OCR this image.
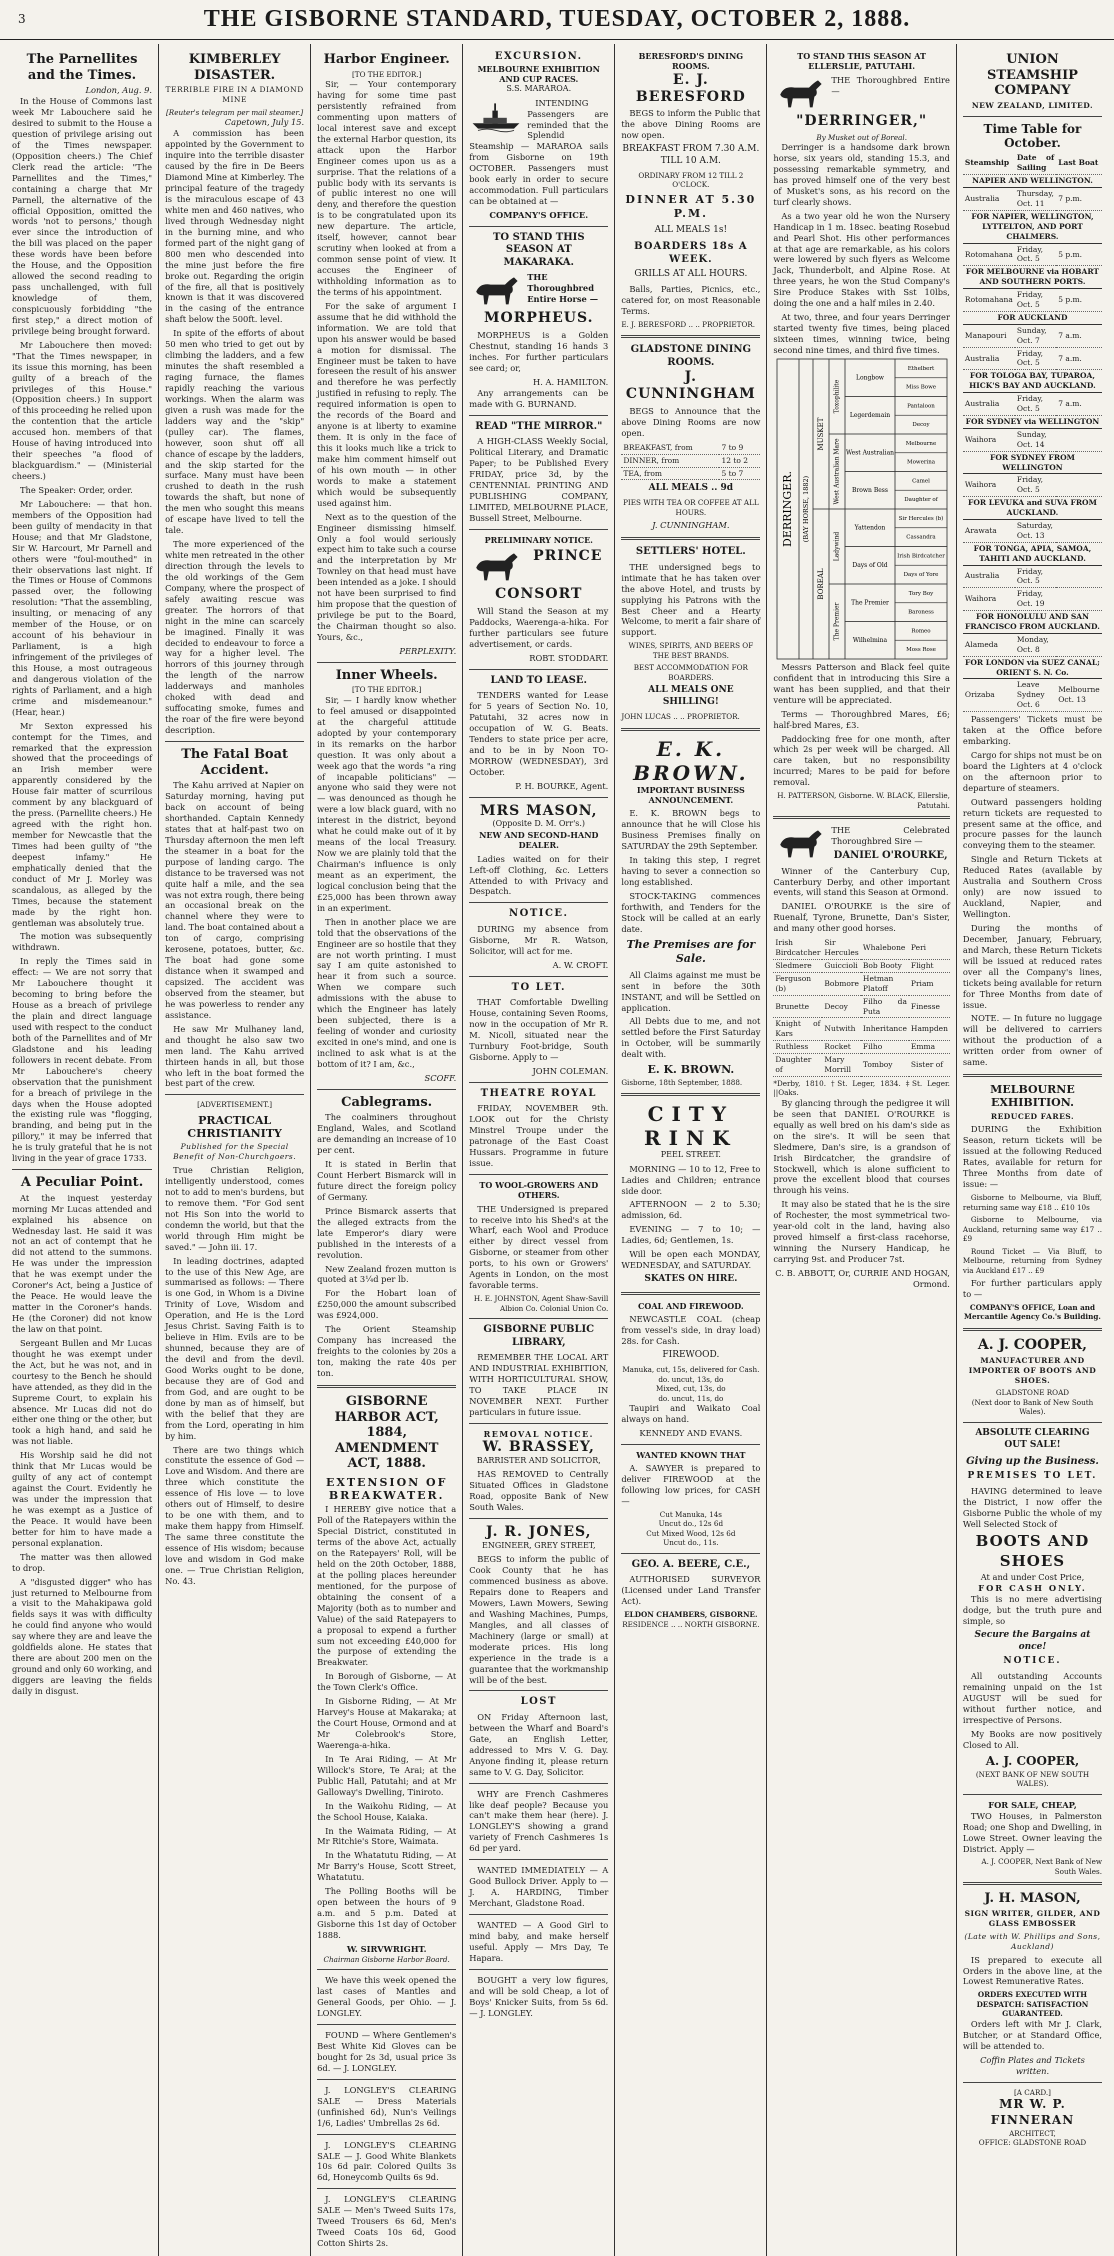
3	THE GISBORNE STANDARD, TUESDAY, OCTOBER 2, 1888.
The Parnellites and the Times.
London, Aug. 9.

In the House of Commons last week Mr Labouchere said he desired to submit to the House a question of privilege arising out of the Times newspaper. (Opposition cheers.) The Chief Clerk read the article: "The Parnellites and the Times," containing a charge that Mr Parnell, the alternative of the official Opposition, omitted the words 'not to persons,' though ever since the introduction of the bill was placed on the paper these words have been before the House, and the Opposition allowed the second reading to pass unchallenged, with full knowledge of them, conspicuously forbidding "the first step," a direct motion of privilege being brought forward.

Mr Labouchere then moved: "That the Times newspaper, in its issue this morning, has been guilty of a breach of the privileges of this House." (Opposition cheers.) In support of this proceeding he relied upon the contention that the article accused hon. members of that House of having introduced into their speeches "a flood of blackguardism." — (Ministerial cheers.)

The Speaker: Order, order.

Mr Labouchere: — that hon. members of the Opposition had been guilty of mendacity in that House; and that Mr Gladstone, Sir W. Harcourt, Mr Parnell and others were "foul-mouthed" in their observations last night. If the Times or House of Commons passed over, the following resolution: "That the assembling, insulting, or menacing of any member of the House, or on account of his behaviour in Parliament, is a high infringement of the privileges of this House, a most outrageous and dangerous violation of the rights of Parliament, and a high crime and misdemeanour." (Hear, hear.)

Mr Sexton expressed his contempt for the Times, and remarked that the expression showed that the proceedings of an Irish member were apparently considered by the House fair matter of scurrilous comment by any blackguard of the press. (Parnellite cheers.) He agreed with the right hon. member for Newcastle that the Times had been guilty of "the deepest infamy." He emphatically denied that the conduct of Mr J. Morley was scandalous, as alleged by the Times, because the statement made by the right hon. gentleman was absolutely true.

The motion was subsequently withdrawn.

In reply the Times said in effect: — We are not sorry that Mr Labouchere thought it becoming to bring before the House as a breach of privilege the plain and direct language used with respect to the conduct both of the Parnellites and of Mr Gladstone and his leading followers in recent debate. From Mr Labouchere's cheery observation that the punishment for a breach of privilege in the days when the House adopted the existing rule was "flogging, branding, and being put in the pillory," it may be inferred that he is truly grateful that he is not living in the year of grace 1733.

A Peculiar Point.

At the inquest yesterday morning Mr Lucas attended and explained his absence on Wednesday last. He said it was not an act of contempt that he did not attend to the summons. He was under the impression that he was exempt under the Coroner's Act, being a Justice of the Peace. He would leave the matter in the Coroner's hands. He (the Coroner) did not know the law on that point.

Sergeant Bullen and Mr Lucas thought he was exempt under the Act, but he was not, and in courtesy to the Bench he should have attended, as they did in the Supreme Court, to explain his absence. Mr Lucas did not do either one thing or the other, but took a high hand, and said he was not liable.

His Worship said he did not think that Mr Lucas would be guilty of any act of contempt against the Court. Evidently he was under the impression that he was exempt as a Justice of the Peace. It would have been better for him to have made a personal explanation.

The matter was then allowed to drop.

A "disgusted digger" who has just returned to Melbourne from a visit to the Mahakipawa gold fields says it was with difficulty he could find anyone who would say where they are and leave the goldfields alone. He states that there are about 200 men on the ground and only 60 working, and diggers are leaving the fields daily in disgust.

KIMBERLEY DISASTER.
TERRIBLE FIRE IN A DIAMOND MINE
[Reuter's telegram per mail steamer.]
Capetown, July 15.

A commission has been appointed by the Government to inquire into the terrible disaster caused by the fire in De Beers Diamond Mine at Kimberley. The principal feature of the tragedy is the miraculous escape of 43 white men and 460 natives, who lived through Wednesday night in the burning mine, and who formed part of the night gang of 800 men who descended into the mine just before the fire broke out. Regarding the origin of the fire, all that is positively known is that it was discovered in the casing of the entrance shaft below the 500ft. level.

In spite of the efforts of about 50 men who tried to get out by climbing the ladders, and a few minutes the shaft resembled a raging furnace, the flames rapidly reaching the various workings. When the alarm was given a rush was made for the ladders way and the "skip" (pulley car). The flames, however, soon shut off all chance of escape by the ladders, and the skip started for the surface. Many must have been crushed to death in the rush towards the shaft, but none of the men who sought this means of escape have lived to tell the tale.

The more experienced of the white men retreated in the other direction through the levels to the old workings of the Gem Company, where the prospect of safely awaiting rescue was greater. The horrors of that night in the mine can scarcely be imagined. Finally it was decided to endeavour to force a way for a higher level. The horrors of this journey through the length of the narrow ladderways and manholes choked with dead and suffocating smoke, fumes and the roar of the fire were beyond description.

The Fatal Boat Accident.

The Kahu arrived at Napier on Saturday morning, having put back on account of being shorthanded. Captain Kennedy states that at half-past two on Thursday afternoon the men left the steamer in a boat for the purpose of landing cargo. The distance to be traversed was not quite half a mile, and the sea was not extra rough, there being an occasional break on the channel where they were to land. The boat contained about a ton of cargo, comprising kerosene, potatoes, butter, &c. The boat had gone some distance when it swamped and capsized. The accident was observed from the steamer, but he was powerless to render any assistance.

He saw Mr Mulhaney land, and thought he also saw two men land. The Kahu arrived thirteen hands in all, but those who left in the boat formed the best part of the crew.

[ADVERTISEMENT.]
PRACTICAL CHRISTIANITY
Published for the Special Benefit of Non-Churchgoers.

True Christian Religion, intelligently understood, comes not to add to men's burdens, but to remove them. "For God sent not His Son into the world to condemn the world, but that the world through Him might be saved." — John iii. 17.

In leading doctrines, adapted to the use of this New Age, are summarised as follows: — There is one God, in Whom is a Divine Trinity of Love, Wisdom and Operation, and He is the Lord Jesus Christ. Saving Faith is to believe in Him. Evils are to be shunned, because they are of the devil and from the devil. Good Works ought to be done, because they are of God and from God, and are ought to be done by man as of himself, but with the belief that they are from the Lord, operating in him by him.

There are two things which constitute the essence of God — Love and Wisdom. And there are three which constitute the essence of His love — to love others out of Himself, to desire to be one with them, and to make them happy from Himself. The same three constitute the essence of His wisdom; because love and wisdom in God make one. — True Christian Religion, No. 43.

Harbor Engineer.
[TO THE EDITOR.]

Sir, — Your contemporary having for some time past persistently refrained from commenting upon matters of local interest save and except the external Harbor question, its attack upon the Harbor Engineer comes upon us as a surprise. That the relations of a public body with its servants is of public interest no one will deny, and therefore the question is to be congratulated upon its new departure. The article, itself, however, cannot bear scrutiny when looked at from a common sense point of view. It accuses the Engineer of withholding information as to the terms of his appointment.

For the sake of argument I assume that he did withhold the information. We are told that upon his answer would be based a motion for dismissal. The Engineer must be taken to have foreseen the result of his answer and therefore he was perfectly justified in refusing to reply. The required information is open to the records of the Board and anyone is at liberty to examine them. It is only in the face of this it looks much like a trick to make him comment himself out of his own mouth — in other words to make a statement which would be subsequently used against him.

Next as to the question of the Engineer dismissing himself. Only a fool would seriously expect him to take such a course and the interpretation by Mr Townley on that head must have been intended as a joke. I should not have been surprised to find him propose that the question of privilege be put to the Board, the Chairman thought so also. Yours, &c.,

PERPLEXITY.
Inner Wheels.
[TO THE EDITOR.]

Sir, — I hardly know whether to feel amused or disappointed at the chargeful attitude adopted by your contemporary in its remarks on the harbor question. It was only about a week ago that the words "a ring of incapable politicians" — anyone who said they were not — was denounced as though he were a low black guard, with no interest in the district, beyond what he could make out of it by means of the local Treasury. Now we are plainly told that the Chairman's influence is only meant as an experiment, the logical conclusion being that the £25,000 has been thrown away in an experiment.

Then in another place we are told that the observations of the Engineer are so hostile that they are not worth printing. I must say I am quite astonished to hear it from such a source. When we compare such admissions with the abuse to which the Engineer has lately been subjected, there is a feeling of wonder and curiosity excited in one's mind, and one is inclined to ask what is at the bottom of it? I am, &c.,

SCOFF.
Cablegrams.

The coalminers throughout England, Wales, and Scotland are demanding an increase of 10 per cent.

It is stated in Berlin that Count Herbert Bismarck will in future direct the foreign policy of Germany.

Prince Bismarck asserts that the alleged extracts from the late Emperor's diary were published in the interests of a revolution.

New Zealand frozen mutton is quoted at 3¼d per lb.

For the Hobart loan of £250,000 the amount subscribed was £924,000.

The Orient Steamship Company has increased the freights to the colonies by 20s a ton, making the rate 40s per ton.

GISBORNE HARBOR ACT, 1884, AMENDMENT ACT, 1888.
EXTENSION OF BREAKWATER.

I HEREBY give notice that a Poll of the Ratepayers within the Special District, constituted in terms of the above Act, actually on the Ratepayers' Roll, will be held on the 20th October, 1888, at the polling places hereunder mentioned, for the purpose of obtaining the consent of a Majority (both as to number and Value) of the said Ratepayers to a proposal to expend a further sum not exceeding £40,000 for the purpose of extending the Breakwater.

In Borough of Gisborne, — At the Town Clerk's Office.

In Gisborne Riding, — At Mr Harvey's House at Makaraka; at the Court House, Ormond and at Mr Colebrook's Store, Waerenga-a-hika.

In Te Arai Riding, — At Mr Willock's Store, Te Arai; at the Public Hall, Patutahi; and at Mr Galloway's Dwelling, Tiniroto.

In the Waikohu Riding, — At the School House, Kaiaka.

In the Waimata Riding, — At Mr Ritchie's Store, Waimata.

In the Whatatutu Riding, — At Mr Barry's House, Scott Street, Whatatutu.

The Polling Booths will be open between the hours of 9 a.m. and 5 p.m. Dated at Gisborne this 1st day of October 1888.

W. SIRVWRIGHT.
Chairman Gisborne Harbor Board.

We have this week opened the last cases of Mantles and General Goods, per Ohio. — J. LONGLEY.

FOUND — Where Gentlemen's Best White Kid Gloves can be bought for 2s 3d, usual price 3s 6d. — J. LONGLEY.

J. LONGLEY'S CLEARING SALE — Dress Materials (unfinished 6d), Nun's Veilings 1/6, Ladies' Umbrellas 2s 6d.

J. LONGLEY'S CLEARING SALE — J. Good White Blankets 10s 6d pair. Colored Quilts 3s 6d, Honeycomb Quilts 6s 9d.

J. LONGLEY'S CLEARING SALE — Men's Tweed Suits 17s, Tweed Trousers 6s 6d, Men's Tweed Coats 10s 6d, Good Cotton Shirts 2s.

EXCURSION.
MELBOURNE EXHIBITION AND CUP RACES.
S.S. MARAROA.

INTENDING Passengers are reminded that the Splendid Steamship — MARAROA sails from Gisborne on 19th OCTOBER. Passengers must book early in order to secure accommodation. Full particulars can be obtained at —

COMPANY'S OFFICE.
TO STAND THIS SEASON AT MAKARAKA.
THE Thoroughbred Entire Horse —
MORPHEUS.

MORPHEUS is a Golden Chestnut, standing 16 hands 3 inches. For further particulars see card; or,

H. A. HAMILTON.

Any arrangements can be made with G. BURNAND.

READ "THE MIRROR."

A HIGH-CLASS Weekly Social, Political Literary, and Dramatic Paper; to be Published Every FRIDAY, price 3d, by the CENTENNIAL PRINTING AND PUBLISHING COMPANY, LIMITED, MELBOURNE PLACE, Bussell Street, Melbourne.

PRELIMINARY NOTICE.
PRINCE CONSORT

Will Stand the Season at my Paddocks, Waerenga-a-hika. For further particulars see future advertisement, or cards.

ROBT. STODDART.
LAND TO LEASE.

TENDERS wanted for Lease for 5 years of Section No. 10, Patutahi, 32 acres now in occupation of W. G. Beats. Tenders to state price per acre, and to be in by Noon TO-MORROW (WEDNESDAY), 3rd October.

P. H. BOURKE, Agent.
MRS MASON,
(Opposite D. M. Orr's.)
NEW AND SECOND-HAND DEALER.

Ladies waited on for their Left-off Clothing, &c. Letters Attended to with Privacy and Despatch.

NOTICE.

DURING my absence from Gisborne, Mr R. Watson, Solicitor, will act for me.

A. W. CROFT.
TO LET.

THAT Comfortable Dwelling House, containing Seven Rooms, now in the occupation of Mr R. M. Nicoll, situated near the Turnbury Foot-bridge, South Gisborne. Apply to —

JOHN COLEMAN.
THEATRE ROYAL

FRIDAY, NOVEMBER 9th. LOOK out for the Christy Minstrel Troupe under the patronage of the East Coast Hussars. Programme in future issue.

TO WOOL-GROWERS AND OTHERS.

THE Undersigned is prepared to receive into his Shed's at the Wharf, each Wool and Produce either by direct vessel from Gisborne, or steamer from other ports, to his own or Growers' Agents in London, on the most favorable terms.

H. E. JOHNSTON, Agent Shaw-Savill Albion Co. Colonial Union Co.
GISBORNE PUBLIC LIBRARY,

REMEMBER THE LOCAL ART AND INDUSTRIAL EXHIBITION, WITH HORTICULTURAL SHOW, TO TAKE PLACE IN NOVEMBER NEXT. Further particulars in future issue.

REMOVAL NOTICE.
W. BRASSEY,
BARRISTER AND SOLICITOR,

HAS REMOVED to Centrally Situated Offices in Gladstone Road, opposite Bank of New South Wales.

J. R. JONES,
ENGINEER, GREY STREET,

BEGS to inform the public of Cook County that he has commenced business as above. Repairs done to Reapers and Mowers, Lawn Mowers, Sewing and Washing Machines, Pumps, Mangles, and all classes of Machinery (large or small) at moderate prices. His long experience in the trade is a guarantee that the workmanship will be of the best.

LOST

ON Friday Afternoon last, between the Wharf and Board's Gate, an English Letter, addressed to Mrs V. G. Day. Anyone finding it, please return same to V. G. Day, Solicitor.

WHY are French Cashmeres like deaf people? Because you can't make them hear (here). J. LONGLEY'S showing a grand variety of French Cashmeres 1s 6d per yard.

WANTED IMMEDIATELY — A Good Bullock Driver. Apply to — J. A. HARDING, Timber Merchant, Gladstone Road.

WANTED — A Good Girl to mind baby, and make herself useful. Apply — Mrs Day, Te Hapara.

BOUGHT a very low figures, and will be sold Cheap, a lot of Boys' Knicker Suits, from 5s 6d. — J. LONGLEY.

BERESFORD'S DINING ROOMS.
E. J. BERESFORD

BEGS to inform the Public that the above Dining Rooms are now open.

BREAKFAST FROM 7.30 A.M. TILL 10 A.M.
ORDINARY FROM 12 TILL 2 O'CLOCK.
DINNER AT 5.30 P.M.
ALL MEALS 1s!
BOARDERS 18s A WEEK.
GRILLS AT ALL HOURS.

Balls, Parties, Picnics, etc., catered for, on most Reasonable Terms.

E. J. BERESFORD .. .. PROPRIETOR.
GLADSTONE DINING ROOMS.
J. CUNNINGHAM

BEGS to Announce that the above Dining Rooms are now open.

BREAKFAST, from	7 to 9
DINNER, from	12 to 2
TEA, from	5 to 7
ALL MEALS .. 9d
PIES WITH TEA OR COFFEE AT ALL HOURS.
J. CUNNINGHAM.
SETTLERS' HOTEL.

THE undersigned begs to intimate that he has taken over the above Hotel, and trusts by supplying his Patrons with the Best Cheer and a Hearty Welcome, to merit a fair share of support.

WINES, SPIRITS, AND BEERS OF THE BEST BRANDS.
BEST ACCOMMODATION FOR BOARDERS.
ALL MEALS ONE SHILLING!
JOHN LUCAS .. .. PROPRIETOR.
E. K. BROWN.
IMPORTANT BUSINESS ANNOUNCEMENT.

E. K. BROWN begs to announce that he will Close his Business Premises finally on SATURDAY the 29th September.

In taking this step, I regret having to sever a connection so long established.

STOCK-TAKING commences forthwith, and Tenders for the Stock will be called at an early date.

The Premises are for Sale.

All Claims against me must be sent in before the 30th INSTANT, and will be Settled on application.

All Debts due to me, and not settled before the First Saturday in October, will be summarily dealt with.

E. K. BROWN.
Gisborne, 18th September, 1888.
CITY RINK
PEEL STREET.

MORNING — 10 to 12, Free to Ladies and Children; entrance side door.

AFTERNOON — 2 to 5.30; admission, 6d.

EVENING — 7 to 10; — Ladies, 6d; Gentlemen, 1s.

Will be open each MONDAY, WEDNESDAY, and SATURDAY.

SKATES ON HIRE.
COAL AND FIREWOOD.

NEWCASTLE COAL (cheap from vessel's side, in dray load) 28s. for Cash.

FIREWOOD.
Manuka, cut, 15s, delivered for Cash.
do. uncut, 13s, do
Mixed, cut, 13s, do
do. uncut, 11s, do

Taupiri and Waikato Coal always on hand.

KENNEDY AND EVANS.
WANTED KNOWN THAT

A. SAWYER is prepared to deliver FIREWOOD at the following low prices, for CASH —

Cut Manuka, 14s
Uncut do., 12s 6d
Cut Mixed Wood, 12s 6d
Uncut do., 11s.
GEO. A. BEERE, C.E.,

AUTHORISED SURVEYOR (Licensed under Land Transfer Act).

ELDON CHAMBERS, GISBORNE.
RESIDENCE .. .. NORTH GISBORNE.
TO STAND THIS SEASON AT ELLERSLIE, PATUTAHI.
THE Thoroughbred Entire —
"DERRINGER,"
By Musket out of Boreal.

Derringer is a handsome dark brown horse, six years old, standing 15.3, and possessing remarkable symmetry, and has proved himself one of the very best of Musket's sons, as his record on the turf clearly shows.

As a two year old he won the Nursery Handicap in 1 m. 18sec. beating Rosebud and Pearl Shot. His other performances at that age are remarkable, as his colors were lowered by such flyers as Welcome Jack, Thunderbolt, and Alpine Rose. At three years, he won the Stud Company's Sire Produce Stakes with Sst 10lbs, doing the one and a half miles in 2.40.

At two, three, and four years Derringer started twenty five times, being placed sixteen times, winning twice, being second nine times, and third five times.

DERRINGER. (BAY HORSE, 1882)
MUSKET
BOREAL
Toxophilite
West Australian Mare
Ladywind
The Premier
Longbow
Legerdemain
West Australian
Brown Bess
Yattendon
Days of Old
The Premier
Wilhelmina
Ethelbert
Miss Bowe
Pantaloon
Decoy
Melbourne
Mowerina
Camel
Daughter of
Sir Hercules (b)
Cassandra
Irish Birdcatcher
Days of Yore
Tory Boy
Baroness
Romeo
Moss Rose

Messrs Patterson and Black feel quite confident that in introducing this Sire a want has been supplied, and that their venture will be appreciated.

Terms — Thoroughbred Mares, £6; half-bred Mares, £3.

Paddocking free for one month, after which 2s per week will be charged. All care taken, but no responsibility incurred; Mares to be paid for before removal.

H. PATTERSON, Gisborne. W. BLACK, Ellerslie, Patutahi.
THE Celebrated Thoroughbred Sire —
DANIEL O'ROURKE,

Winner of the Canterbury Cup, Canterbury Derby, and other important events, will stand this Season at Ormond.

DANIEL O'ROURKE is the sire of Ruenalf, Tyrone, Brunette, Dan's Sister, and many other good horses.

Irish Birdcatcher	Sir Hercules	Whalebone	Peri
Sledmere	Guiccioli	Bob Booty	Flight
Ferguson (b)	Bobmore	Hetman Platoff	Priam
Brunette	Decoy	Filho da Puta	Finesse
Knight of Kars	Nutwith	Inheritance	Hampden
Ruthless	Rocket	Filho	Emma
Daughter of	Mary Morrill	Tomboy	Sister of
*Derby, 1810. †St. Leger, 1834. ‡St. Leger. ||Oaks.

By glancing through the pedigree it will be seen that DANIEL O'ROURKE is equally as well bred on his dam's side as on the sire's. It will be seen that Sledmere, Dan's sire, is a grandson of Irish Birdcatcher, the grandsire of Stockwell, which is alone sufficient to prove the excellent blood that courses through his veins.

It may also be stated that he is the sire of Rochester, the most symmetrical two-year-old colt in the land, having also proved himself a first-class racehorse, winning the Nursery Handicap, he carrying 9st. and Producer 7st.

C. B. ABBOTT, Or, CURRIE AND HOGAN, Ormond.
UNION STEAMSHIP COMPANY
NEW ZEALAND, LIMITED.
Time Table for October.
Steamship	Date of Sailing	Last Boat
NAPIER AND WELLINGTON.		
Australia	Thursday, Oct. 11	7 p.m.
FOR NAPIER, WELLINGTON, LYTTELTON, AND PORT CHALMERS.		
Rotomahana	Friday, Oct. 5	5 p.m.
FOR MELBOURNE via HOBART AND SOUTHERN PORTS.		
Rotomahana	Friday, Oct. 5	5 p.m.
FOR AUCKLAND		
Manapouri	Sunday, Oct. 7	7 a.m.
Australia	Friday, Oct. 5	7 a.m.
FOR TOLOGA BAY, TUPAROA, HICK'S BAY AND AUCKLAND.		
Australia	Friday, Oct. 5	7 a.m.
FOR SYDNEY via WELLINGTON		
Waihora	Sunday, Oct. 14	
FOR SYDNEY FROM WELLINGTON		
Waihora	Friday, Oct. 5	
FOR LEVUKA and SUVA FROM AUCKLAND.		
Arawata	Saturday, Oct. 13	
FOR TONGA, APIA, SAMOA, TAHITI AND AUCKLAND.		
Australia	Friday, Oct. 5	
Waihora	Friday, Oct. 19	
FOR HONOLULU AND SAN FRANCISCO FROM AUCKLAND.		
Alameda	Monday, Oct. 8	
FOR LONDON via SUEZ CANAL; ORIENT S. N. Co.		
Orizaba	Leave Sydney Oct. 6	Melbourne Oct. 13

Passengers' Tickets must be taken at the Office before embarking.

Cargo for ships not must be on board the Lighters at 4 o'clock on the afternoon prior to departure of steamers.

Outward passengers holding return tickets are requested to present same at the office, and procure passes for the launch conveying them to the steamer.

Single and Return Tickets at Reduced Rates (available by Australia and Southern Cross only) are now issued to Auckland, Napier, and Wellington.

During the months of December, January, February, and March, these Return Tickets will be issued at reduced rates over all the Company's lines, tickets being available for return for Three Months from date of issue.

NOTE. — In future no luggage will be delivered to carriers without the production of a written order from owner of same.

MELBOURNE EXHIBITION.
REDUCED FARES.

DURING the Exhibition Season, return tickets will be issued at the following Reduced Rates, available for return for Three Months from date of issue: —

Gisborne to Melbourne, via Bluff, returning same way £18 .. £10 10s

Gisborne to Melbourne, via Auckland, returning same way £17 .. £9

Round Ticket — Via Bluff, to Melbourne, returning from Sydney via Auckland £17 .. £9

For further particulars apply to —

COMPANY'S OFFICE, Loan and Mercantile Agency Co.'s Building.
A. J. COOPER,
MANUFACTURER AND IMPORTER OF BOOTS AND SHOES.
GLADSTONE ROAD
(Next door to Bank of New South Wales).
ABSOLUTE CLEARING OUT SALE!
Giving up the Business.
PREMISES TO LET.

HAVING determined to leave the District, I now offer the Gisborne Public the whole of my Well Selected Stock of

BOOTS AND SHOES
At and under Cost Price,
FOR CASH ONLY.

This is no mere advertising dodge, but the truth pure and simple, so

Secure the Bargains at once!
NOTICE.

All outstanding Accounts remaining unpaid on the 1st AUGUST will be sued for without further notice, and irrespective of Persons.

My Books are now positively Closed to All.

A. J. COOPER,
(NEXT BANK OF NEW SOUTH WALES).
FOR SALE, CHEAP,

TWO Houses, in Palmerston Road; one Shop and Dwelling, in Lowe Street. Owner leaving the District. Apply —

A. J. COOPER, Next Bank of New South Wales.
J. H. MASON,
SIGN WRITER, GILDER, AND GLASS EMBOSSER
(Late with W. Phillips and Sons, Auckland)

IS prepared to execute all Orders in the above line, at the Lowest Remunerative Rates.

ORDERS EXECUTED WITH DESPATCH: SATISFACTION GUARANTEED.

Orders left with Mr J. Clark, Butcher, or at Standard Office, will be attended to.

Coffin Plates and Tickets written.
[A CARD.]
MR W. P. FINNERAN
ARCHITECT,
OFFICE: GLADSTONE ROAD
